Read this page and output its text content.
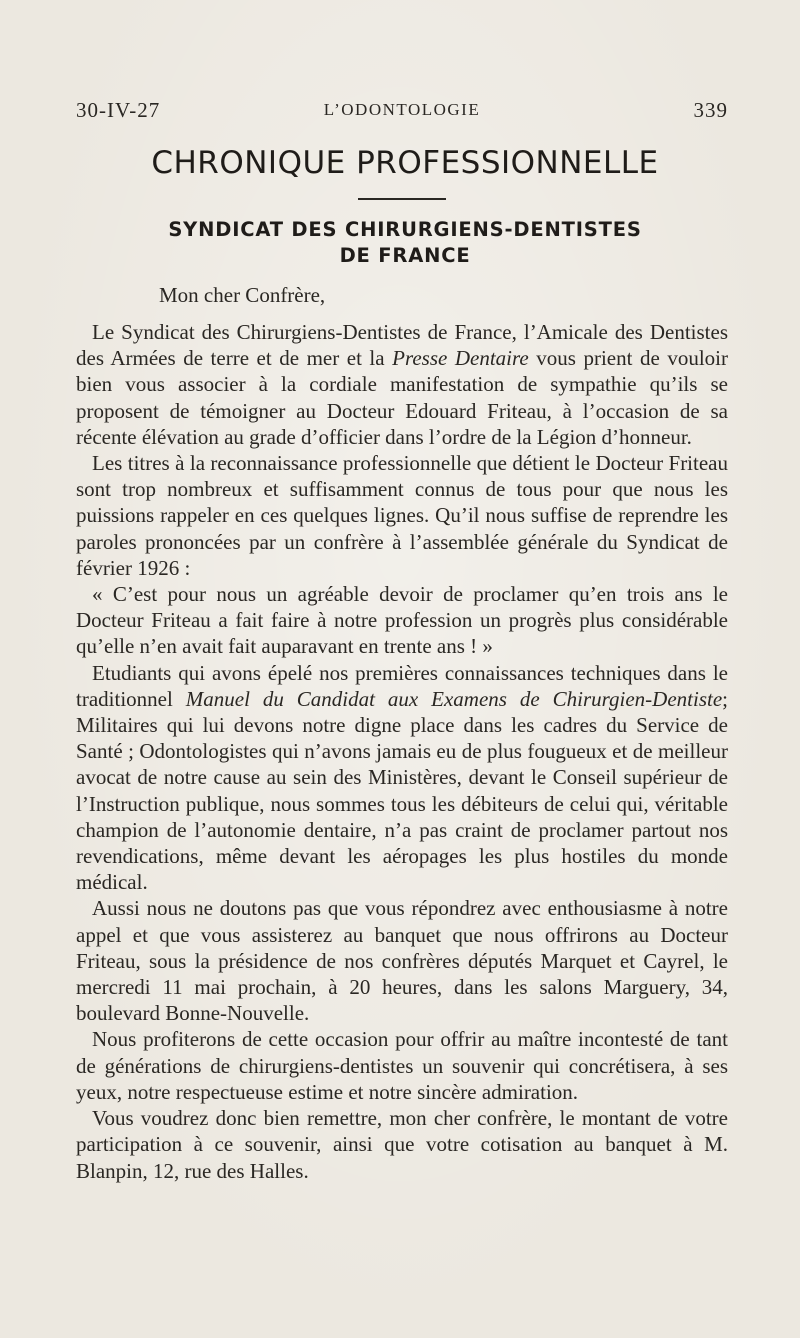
30-IV-27	L’ODONTOLOGIE	339
CHRONIQUE PROFESSIONNELLE
SYNDICAT DES CHIRURGIENS-DENTISTES
DE FRANCE
Mon cher Confrère,

Le Syndicat des Chirurgiens-Dentistes de France, l’Amicale des Dentistes des Armées de terre et de mer et la Presse Dentaire vous prient de vouloir bien vous associer à la cordiale manifestation de sympathie qu’ils se proposent de témoigner au Docteur Edouard Friteau, à l’occasion de sa récente élévation au grade d’officier dans l’ordre de la Légion d’honneur.

Les titres à la reconnaissance professionnelle que détient le Docteur Friteau sont trop nombreux et suffisamment connus de tous pour que nous les puissions rappeler en ces quelques lignes. Qu’il nous suffise de reprendre les paroles prononcées par un confrère à l’assemblée générale du Syndicat de février 1926 :

« C’est pour nous un agréable devoir de proclamer qu’en trois ans le Docteur Friteau a fait faire à notre profession un progrès plus considérable qu’elle n’en avait fait auparavant en trente ans ! »

Etudiants qui avons épelé nos premières connaissances techniques dans le traditionnel Manuel du Candidat aux Examens de Chirurgien-Dentiste; Militaires qui lui devons notre digne place dans les cadres du Service de Santé ; Odontologistes qui n’avons jamais eu de plus fougueux et de meilleur avocat de notre cause au sein des Ministères, devant le Conseil supérieur de l’Instruction publique, nous sommes tous les débiteurs de celui qui, véritable champion de l’autonomie dentaire, n’a pas craint de proclamer partout nos revendications, même devant les aéropages les plus hostiles du monde médical.

Aussi nous ne doutons pas que vous répondrez avec enthousiasme à notre appel et que vous assisterez au banquet que nous offrirons au Docteur Friteau, sous la présidence de nos confrères députés Marquet et Cayrel, le mercredi 11 mai prochain, à 20 heures, dans les salons Marguery, 34, boulevard Bonne-Nouvelle.

Nous profiterons de cette occasion pour offrir au maître incontesté de tant de générations de chirurgiens-dentistes un souvenir qui concrétisera, à ses yeux, notre respectueuse estime et notre sincère admiration.

Vous voudrez donc bien remettre, mon cher confrère, le montant de votre participation à ce souvenir, ainsi que votre cotisation au banquet à M. Blanpin, 12, rue des Halles.
